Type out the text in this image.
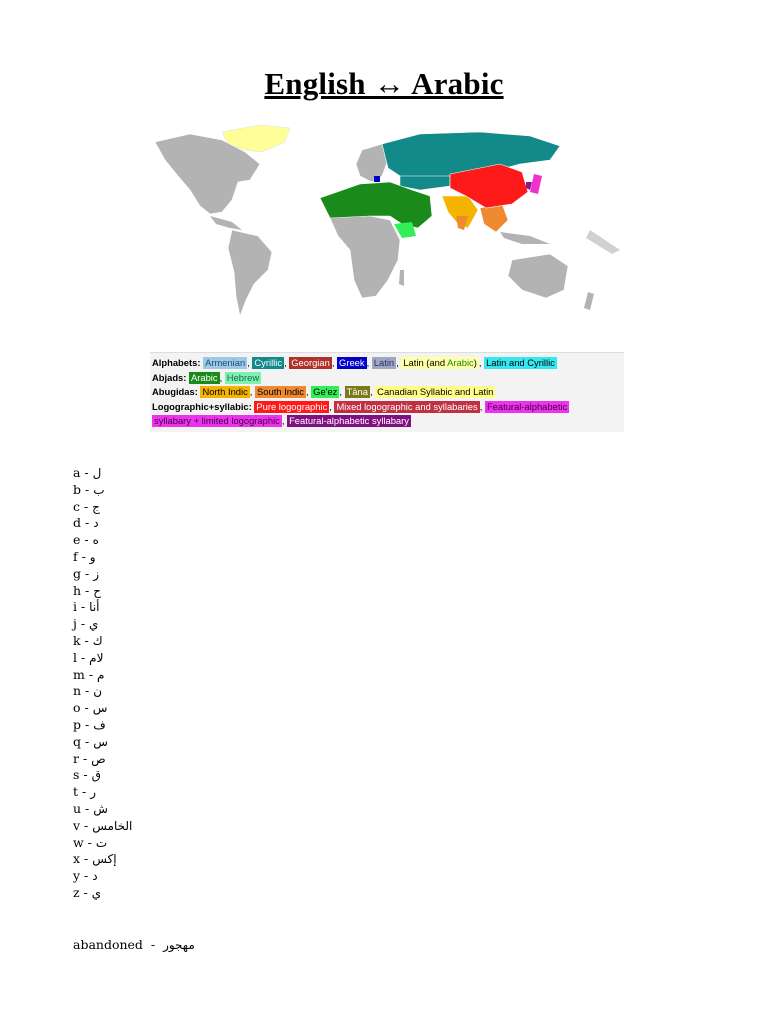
English ↔ Arabic
Alphabets: Armenian , Cyrillic , Georgian , Greek , Latin , Latin (and Arabic) , Latin and Cyrillic
Abjads: Arabic , Hebrew
Abugidas: North Indic , South Indic , Ge'ez , Tāna , Canadian Syllabic and Latin
Logographic+syllabic: Pure logographic , Mixed logographic and syllabaries , Featural-alphabetic
syllabary + limited logographic , Featural-alphabetic syllabary
a - ل
b - ب
c - ج
d - د
e - ه
f - و
g - ز
h - ح
i - أنا
j - ي
k - ك
l - لام
m - م
n - ن
o - س
p - ف
q - س
r - ص
s - ق
t - ر
u - ش
v - الخامس
w - ت
x - إكس
y - د
z - ي
abandoned  -  مهجور
